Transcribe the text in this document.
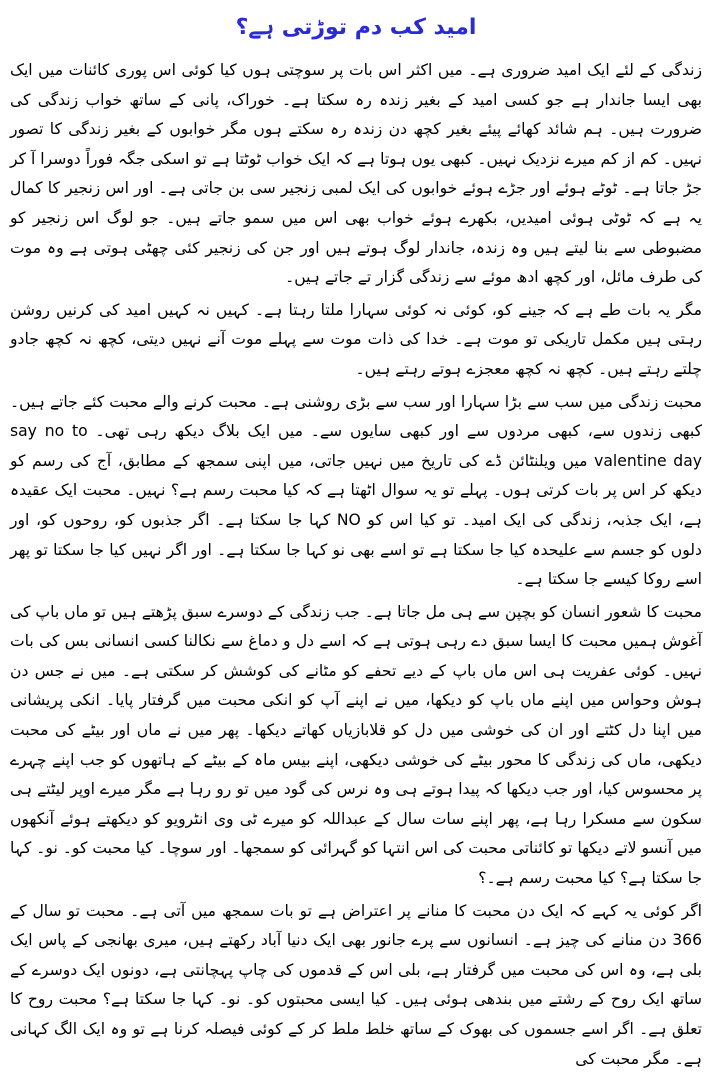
امید کب دم توڑتی ہے؟

زندگی کے لئے ایک امید ضروری ہے۔ میں اکثر اس بات پر سوچتی ہوں کیا کوئی اس پوری کائنات میں ایک بھی ایسا جاندار ہے جو کسی امید کے بغیر زندہ رہ سکتا ہے۔ خوراک، پانی کے ساتھ خواب زندگی کی ضرورت ہیں۔ ہم شائد کھائے پیئے بغیر کچھ دن زندہ رہ سکتے ہوں مگر خوابوں کے بغیر زندگی کا تصور نہیں۔ کم از کم میرے نزدیک نہیں۔ کبھی یوں ہوتا ہے کہ ایک خواب ٹوٹتا ہے تو اسکی جگہ فوراً دوسرا آ کر جڑ جاتا ہے۔ ٹوٹے ہوئے اور جڑے ہوئے خوابوں کی ایک لمبی زنجیر سی بن جاتی ہے۔ اور اس زنجیر کا کمال یہ ہے کہ ٹوٹی ہوئی امیدیں، بکھرے ہوئے خواب بھی اس میں سمو جاتے ہیں۔ جو لوگ اس زنجیر کو مضبوطی سے بنا لیتے ہیں وہ زندہ، جاندار لوگ ہوتے ہیں اور جن کی زنجیر کئی چھٹی ہوتی ہے وہ موت کی طرف مائل، اور کچھ ادھ موئے سے زندگی گزار تے جاتے ہیں۔

مگر یہ بات طے ہے کہ جینے کو، کوئی نہ کوئی سہارا ملتا رہتا ہے۔ کہیں نہ کہیں امید کی کرنیں روشن رہتی ہیں مکمل تاریکی تو موت ہے۔ خدا کی ذات موت سے پہلے موت آنے نہیں دیتی، کچھ نہ کچھ جادو چلتے رہتے ہیں۔ کچھ نہ کچھ معجزے ہوتے رہتے ہیں۔

محبت زندگی میں سب سے بڑا سہارا اور سب سے بڑی روشنی ہے۔ محبت کرنے والے محبت کئے جاتے ہیں۔ کبھی زندوں سے، کبھی مردوں سے اور کبھی سایوں سے۔ میں ایک بلاگ دیکھ رہی تھی۔ say no to valentine day میں ویلنٹائن ڈے کی تاریخ میں نہیں جاتی، میں اپنی سمجھ کے مطابق، آج کی رسم کو دیکھ کر اس پر بات کرتی ہوں۔ پہلے تو یہ سوال اٹھتا ہے کہ کیا محبت رسم ہے؟ نہیں۔ محبت ایک عقیدہ ہے، ایک جذبہ، زندگی کی ایک امید۔ تو کیا اس کو NO کہا جا سکتا ہے۔ اگر جذبوں کو، روحوں کو، اور دلوں کو جسم سے علیحدہ کیا جا سکتا ہے تو اسے بھی نو کہا جا سکتا ہے۔ اور اگر نہیں کیا جا سکتا تو پھر اسے روکا کیسے جا سکتا ہے۔

محبت کا شعور انسان کو بچپن سے ہی مل جاتا ہے۔ جب زندگی کے دوسرے سبق پڑھتے ہیں تو ماں باپ کی آغوش ہمیں محبت کا ایسا سبق دے رہی ہوتی ہے کہ اسے دل و دماغ سے نکالنا کسی انسانی بس کی بات نہیں۔ کوئی عفریت ہی اس ماں باپ کے دیے تحفے کو مٹانے کی کوشش کر سکتی ہے۔ میں نے جس دن ہوش وحواس میں اپنے ماں باپ کو دیکھا، میں نے اپنے آپ کو انکی محبت میں گرفتار پایا۔ انکی پریشانی میں اپنا دل کٹتے اور ان کی خوشی میں دل کو قلابازیاں کھاتے دیکھا۔ پھر میں نے ماں اور بیٹے کی محبت دیکھی، ماں کی زندگی کا محور بیٹے کی خوشی دیکھی، اپنے بیس ماہ کے بیٹے کے ہاتھوں کو جب اپنے چہرے پر محسوس کیا، اور جب دیکھا کہ پیدا ہوتے ہی وہ نرس کی گود میں تو رو رہا ہے مگر میرے اوپر لیٹتے ہی سکون سے مسکرا رہا ہے، پھر اپنے سات سال کے عبداللہ کو میرے ٹی وی انٹرویو کو دیکھتے ہوئے آنکھوں میں آنسو لاتے دیکھا تو کائناتی محبت کی اس انتہا کو گہرائی کو سمجھا۔ اور سوچا۔ کیا محبت کو۔ نو۔ کہا جا سکتا ہے؟ کیا محبت رسم ہے۔؟

اگر کوئی یہ کہے کہ ایک دن محبت کا منانے پر اعتراض ہے تو بات سمجھ میں آتی ہے۔ محبت تو سال کے 366 دن منانے کی چیز ہے۔ انسانوں سے پرے جانور بھی ایک دنیا آباد رکھتے ہیں، میری بھانجی کے پاس ایک بلی ہے، وہ اس کی محبت میں گرفتار ہے، بلی اس کے قدموں کی چاپ پہچانتی ہے، دونوں ایک دوسرے کے ساتھ ایک روح کے رشتے میں بندھی ہوئی ہیں۔ کیا ایسی محبتوں کو۔ نو۔ کہا جا سکتا ہے؟ محبت روح کا تعلق ہے۔ اگر اسے جسموں کی بھوک کے ساتھ خلط ملط کر کے کوئی فیصلہ کرنا ہے تو وہ ایک الگ کہانی ہے۔ مگر محبت کی
